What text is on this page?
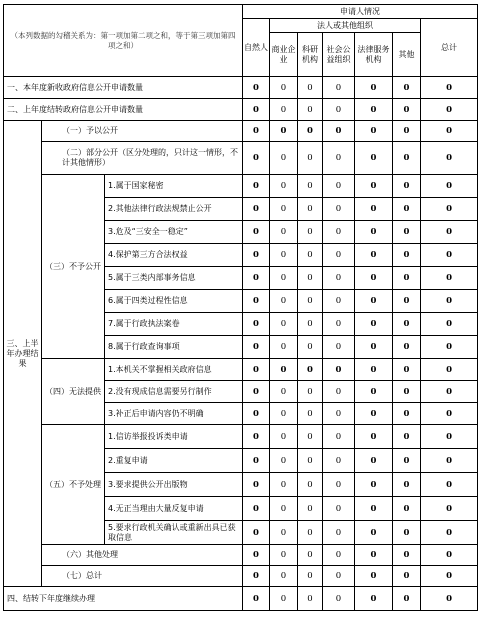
（本列数据的勾稽关系为：第一项加第二项之和，等于第三项加第四项之和）			申请人情况						
			自然人	法人或其他组织					总计
				商业企业	科研机构	社会公益组织	法律服务机构	其他	
一、本年度新收政府信息公开申请数量			0	0	0	0	0	0	0
二、上年度结转政府信息公开申请数量			0	0	0	0	0	0	0
三、上半年办理结果	（一）予以公开		0	0	0	0	0	0	0
	（二）部分公开（区分处理的，只计这一情形，不计其他情形）		0	0	0	0	0	0	0
	（三）不予公开	1.属于国家秘密	0	0	0	0	0	0	0
		2.其他法律行政法规禁止公开	0	0	0	0	0	0	0
		3.危及“三安全一稳定”	0	0	0	0	0	0	0
		4.保护第三方合法权益	0	0	0	0	0	0	0
		5.属于三类内部事务信息	0	0	0	0	0	0	0
		6.属于四类过程性信息	0	0	0	0	0	0	0
		7.属于行政执法案卷	0	0	0	0	0	0	0
		8.属于行政查询事项	0	0	0	0	0	0	0
	（四）无法提供	1.本机关不掌握相关政府信息	0	0	0	0	0	0	0
		2.没有现成信息需要另行制作	0	0	0	0	0	0	0
		3.补正后申请内容仍不明确	0	0	0	0	0	0	0
	（五）不予处理	1.信访举报投诉类申请	0	0	0	0	0	0	0
		2.重复申请	0	0	0	0	0	0	0
		3.要求提供公开出版物	0	0	0	0	0	0	0
		4.无正当理由大量反复申请	0	0	0	0	0	0	0
		5.要求行政机关确认或重新出具已获取信息	0	0	0	0	0	0	0
	（六）其他处理		0	0	0	0	0	0	0
	（七）总计		0	0	0	0	0	0	0
四、结转下年度继续办理			0	0	0	0	0	0	0
